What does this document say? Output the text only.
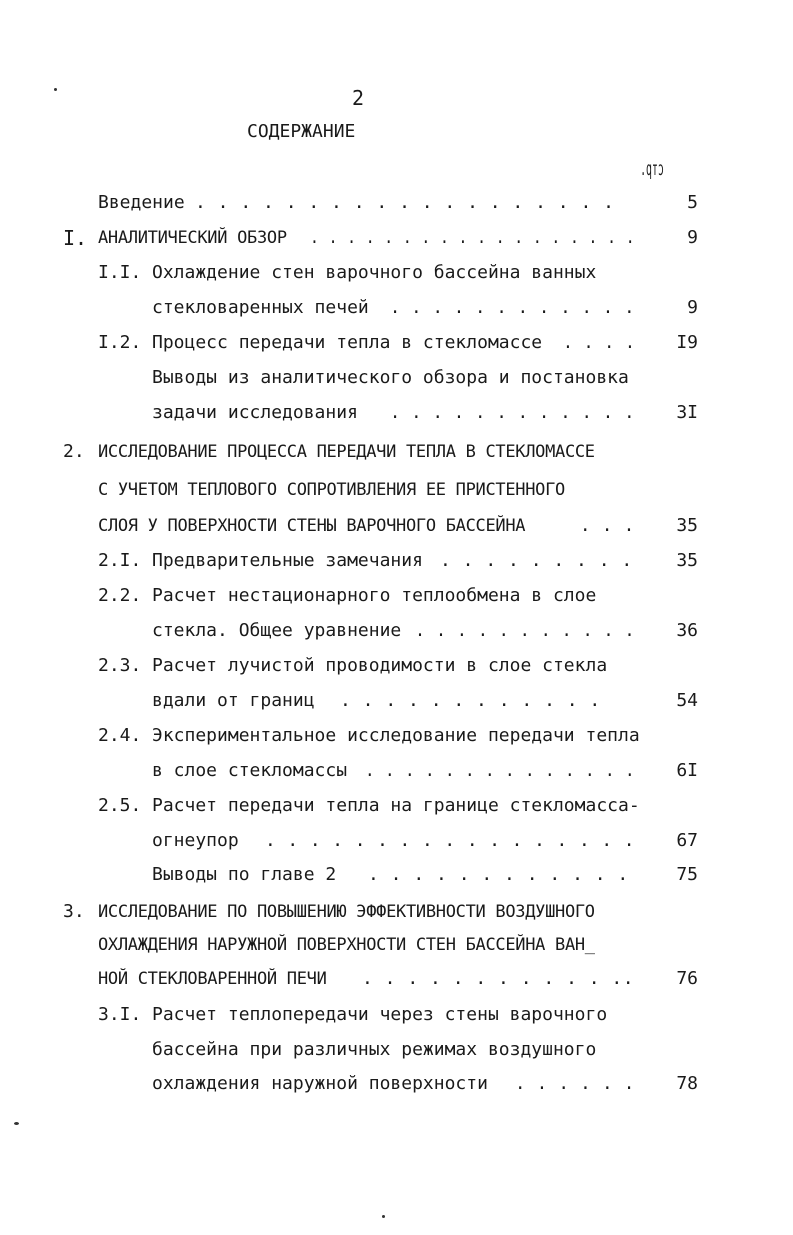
2
СОДЕРЖАНИЕ
стр.
Введение . . . . . . . . . . . . . . . . . . .	5
I. АНАЛИТИЧЕСКИЙ ОБЗОР . . . . . . . . . . . . . . . . . .	9
I.I. Охлаждение стен варочного бассейна ванных
стекловаренных печей . . . . . . . . . . . .	9
I.2. Процесс передачи тепла в стекломассе . . . .	I9
Выводы из аналитического обзора и постановка
задачи исследования . . . . . . . . . . . .	3I
2. ИССЛЕДОВАНИЕ ПРОЦЕССА ПЕРЕДАЧИ ТЕПЛА В СТЕКЛОМАССЕ
С УЧЕТОМ ТЕПЛОВОГО СОПРОТИВЛЕНИЯ ЕЕ ПРИСТЕННОГО
СЛОЯ У ПОВЕРХНОСТИ СТЕНЫ ВАРОЧНОГО БАССЕЙНА	. . .	35
2.I. Предварительные замечания . . . . . . . . .	35
2.2. Расчет нестационарного теплообмена в слое
стекла. Общее уравнение . . . . . . . . . . .	36
2.3. Расчет лучистой проводимости в слое стекла
вдали от границ . . . . . . . . . . . .	54
2.4. Экспериментальное исследование передачи тепла
в слое стекломассы . . . . . . . . . . . . . .	6I
2.5. Расчет передачи тепла на границе стекломасса-
огнеупор . . . . . . . . . . . . . . . . .	67
Выводы по главе 2 . . . . . . . . . . . .	75
3. ИССЛЕДОВАНИЕ ПО ПОВЫШЕНИЮ ЭФФЕКТИВНОСТИ ВОЗДУШНОГО
ОХЛАЖДЕНИЯ НАРУЖНОЙ ПОВЕРХНОСТИ СТЕН БАССЕЙНА ВАН_
НОЙ СТЕКЛОВАРЕННОЙ ПЕЧИ . . . . . . . . . . . ..	76
3.I. Расчет теплопередачи через стены варочного
бассейна при различных режимах воздушного
охлаждения наружной поверхности . . . . . .	78
